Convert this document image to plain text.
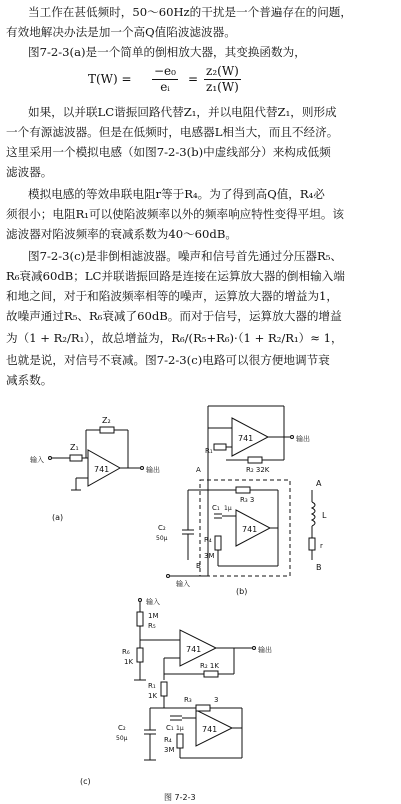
当工作在甚低频时，50～60Hz的干扰是一个普遍存在的问题，
有效地解决办法是加一个高Q值陷波滤波器。
图7-2-3(a)是一个简单的倒相放大器，其变换函数为，
$T(W) = \frac{\text{−e₀}}{\text{eᵢ}} = \frac{\text{z₂(W)}}{\text{z₁(W)}}$
如果，以并联LC谐振回路代替Z₁，并以电阻代替Z₁，则形成
一个有源滤波器。但是在低频时，电感器L相当大，而且不经济。
这里采用一个模拟电感（如图7-2-3(b)中虚线部分）来构成低频
滤波器。
模拟电感的等效串联电阻r等于R₄。为了得到高Q值，R₄必
须很小；电阻R₁可以使陷波频率以外的频率响应特性变得平坦。该
滤波器对陷波频率的衰减系数为40～60dB。
图7-2-3(c)是非倒相滤波器。噪声和信号首先通过分压器R₅、
R₆衰减60dB；LC并联谐振回路是连接在运算放大器的倒相输入端
和地之间，对于和陷波频率相等的噪声，运算放大器的增益为1，
故噪声通过R₅、R₆衰减了60dB。而对于信号，运算放大器的增益
为（1 + R₂/R₁），故总增益为，R₆/(R₅+R₆)·（1 + R₂/R₁）≈ 1，
也就是说，对信号不衰减。图7-2-3(c)电路可以很方便地调节衰
减系数。
741
Z₁
输入
Z₂
输出
(a)
741	输出
R₁
R₂ 32K
A
741
R₃ 3
C₁ 1μ
R₄
3M
C₂
50μ
B
输入
(b)
A
L
r
B
输入
1M
R₅
R₆
1K
741	输出
R₂ 1K
R₁
1K
741
R₃	3
C₁ 1μ
R₄
3M
C₂
50μ
(c)
图 7-2-3
